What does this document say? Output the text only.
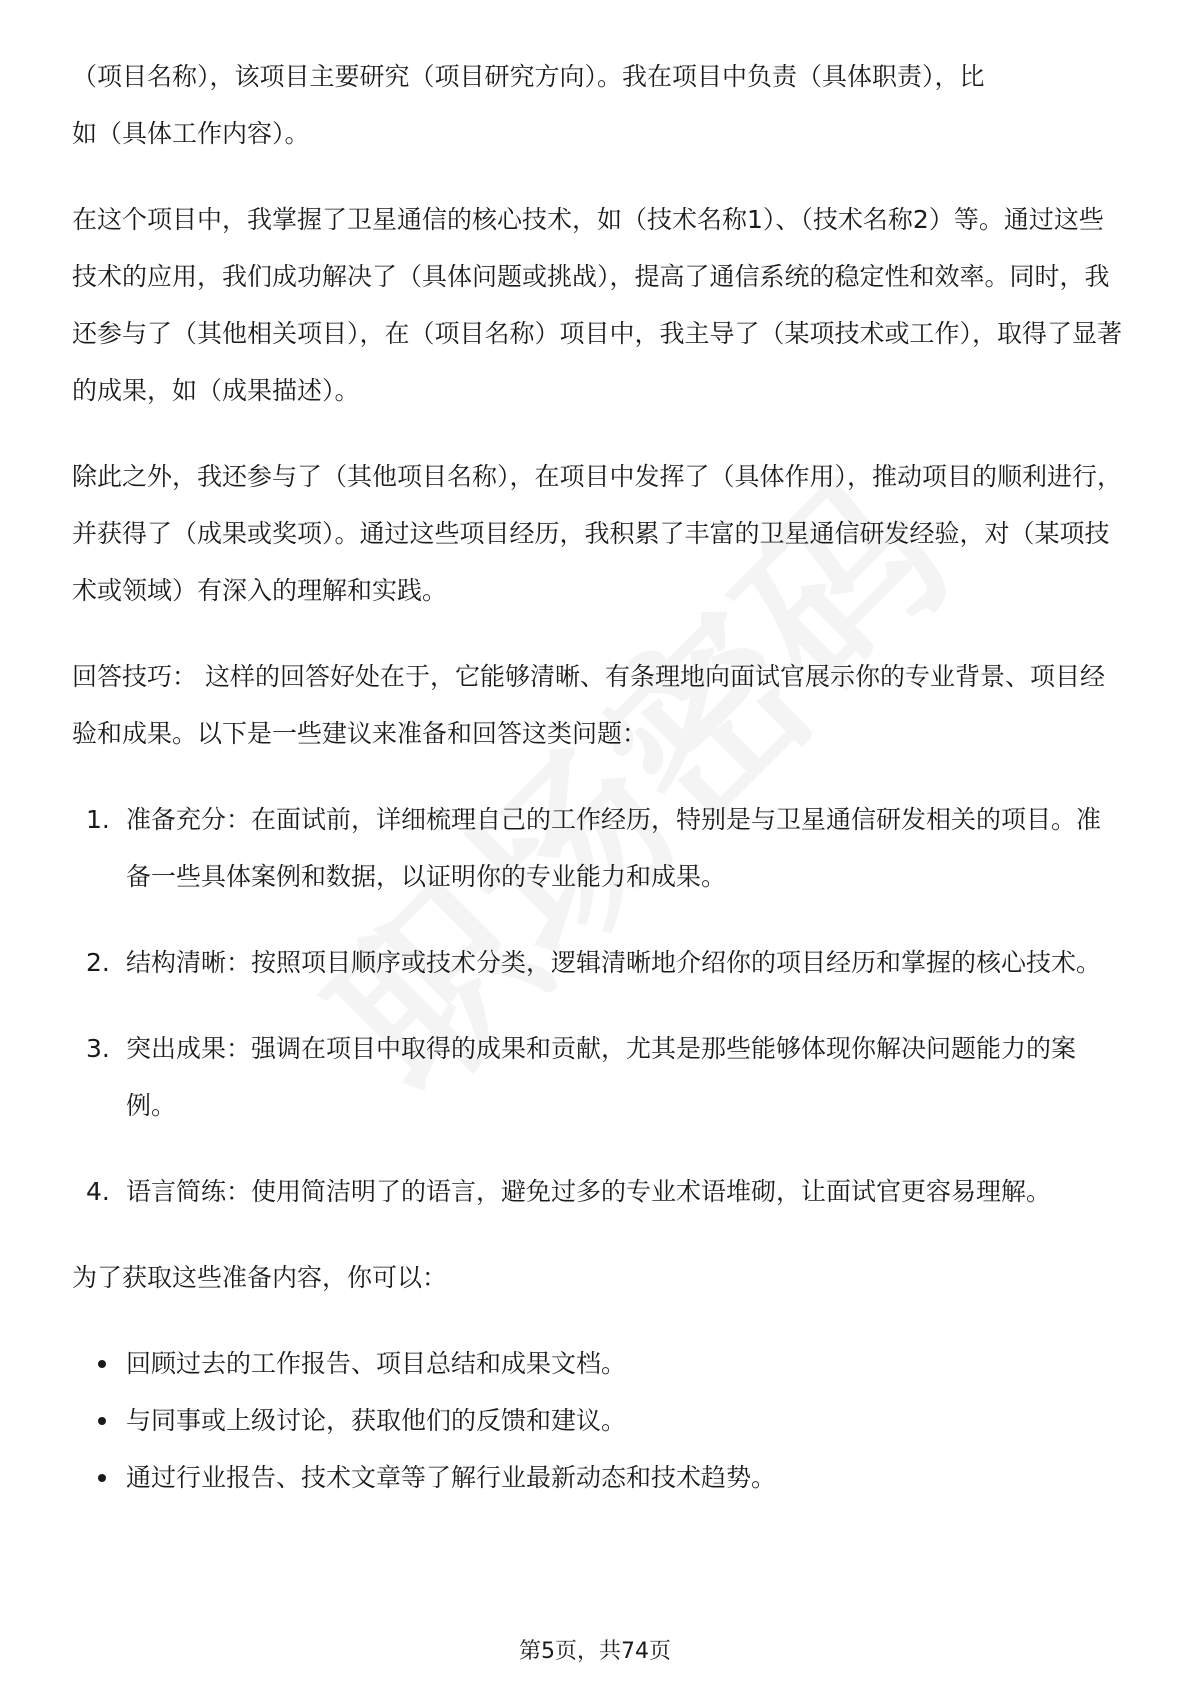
（项目名称），该项目主要研究（项目研究方向）。我在项目中负责（具体职责），比如（具体工作内容）。

在这个项目中，我掌握了卫星通信的核心技术，如（技术名称1）、（技术名称2）等。通过这些技术的应用，我们成功解决了（具体问题或挑战），提高了通信系统的稳定性和效率。同时，我还参与了（其他相关项目），在（项目名称）项目中，我主导了（某项技术或工作），取得了显著的成果，如（成果描述）。

除此之外，我还参与了（其他项目名称），在项目中发挥了（具体作用），推动项目的顺利进行，并获得了（成果或奖项）。通过这些项目经历，我积累了丰富的卫星通信研发经验，对（某项技术或领域）有深入的理解和实践。

回答技巧： 这样的回答好处在于，它能够清晰、有条理地向面试官展示你的专业背景、项目经验和成果。以下是一些建议来准备和回答这类问题：

1. 准备充分：在面试前，详细梳理自己的工作经历，特别是与卫星通信研发相关的项目。准备一些具体案例和数据，以证明你的专业能力和成果。
2. 结构清晰：按照项目顺序或技术分类，逻辑清晰地介绍你的项目经历和掌握的核心技术。
3. 突出成果：强调在项目中取得的成果和贡献，尤其是那些能够体现你解决问题能力的案例。
4. 语言简练：使用简洁明了的语言，避免过多的专业术语堆砌，让面试官更容易理解。

为了获取这些准备内容，你可以：

回顾过去的工作报告、项目总结和成果文档。
与同事或上级讨论，获取他们的反馈和建议。
通过行业报告、技术文章等了解行业最新动态和技术趋势。
第5页，共74页
